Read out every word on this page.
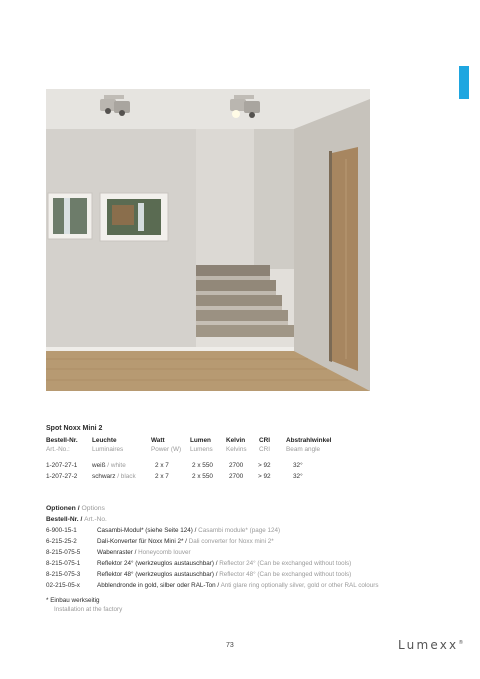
Spot Noxx Mini 2
Bestell-Nr. Leuchte	Watt	Lumen Kelvin CRI Abstrahlwinkel
Art.-No.:	Luminaires	Power (W) Lumens Kelvins CRI Beam angle
1-207-27-1 weiß / white	2 x 7	2 x 550	2700 > 92	32°
1-207-27-2 schwarz / black	2 x 7	2 x 550	2700 > 92	32°
Optionen / Options
Bestell-Nr. / Art.-No.
6-900-15-1	Casambi-Modul* (siehe Seite 124) / Casambi module* (page 124)
6-215-25-2	Dali-Konverter für Noxx Mini 2* / Dali converter for Noxx mini 2*
8-215-075-5	Wabenraster / Honeycomb louver
8-215-075-1	Reflektor 24° (werkzeuglos austauschbar) / Reflector 24° (Can be exchanged without tools)
8-215-075-3	Reflektor 48° (werkzeuglos austauschbar) / Reflector 48° (Can be exchanged without tools)
02-215-05-x	Abblendronde in gold, silber oder RAL-Ton / Anti glare ring optionally silver, gold or other RAL colours
* Einbau werkseitig
Installation at the factory
73	Lumexx®
